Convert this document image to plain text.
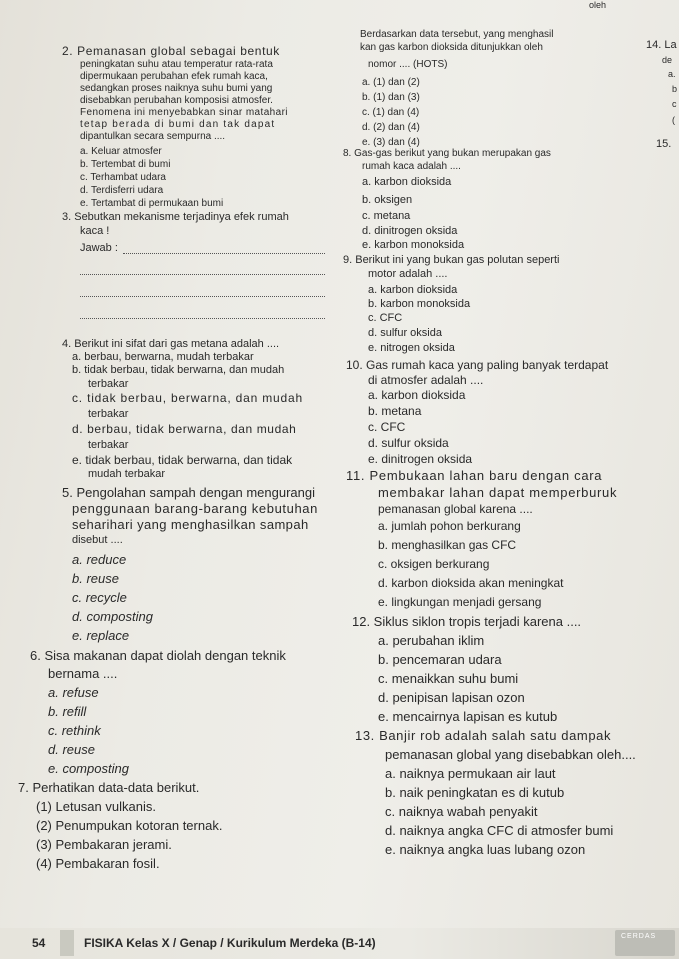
oleh
2. Pemanasan global sebagai bentuk
peningkatan suhu atau temperatur rata-rata
dipermukaan perubahan efek rumah kaca,
sedangkan proses naiknya suhu bumi yang
disebabkan perubahan komposisi atmosfer.
Fenomena ini menyebabkan sinar matahari
tetap berada di bumi dan tak dapat
dipantulkan secara sempurna ....
a. Keluar atmosfer
b. Tertembat di bumi
c. Terhambat udara
d. Terdisferri udara
e. Tertambat di permukaan bumi
3. Sebutkan mekanisme terjadinya efek rumah
kaca !
Jawab :
4. Berikut ini sifat dari gas metana adalah ....
a. berbau, berwarna, mudah terbakar
b. tidak berbau, tidak berwarna, dan mudah
terbakar
c. tidak berbau, berwarna, dan mudah
terbakar
d. berbau, tidak berwarna, dan mudah
terbakar
e. tidak berbau, tidak berwarna, dan tidak
mudah terbakar
5. Pengolahan sampah dengan mengurangi
penggunaan barang-barang kebutuhan
seharihari yang menghasilkan sampah
disebut ....
a. reduce
b. reuse
c. recycle
d. composting
e. replace
6. Sisa makanan dapat diolah dengan teknik
bernama ....
a. refuse
b. refill
c. rethink
d. reuse
e. composting
7. Perhatikan data-data berikut.
(1) Letusan vulkanis.
(2) Penumpukan kotoran ternak.
(3) Pembakaran jerami.
(4) Pembakaran fosil.
Berdasarkan data tersebut, yang menghasil
kan gas karbon dioksida ditunjukkan oleh
nomor .... (HOTS)
a. (1) dan (2)
b. (1) dan (3)
c. (1) dan (4)
d. (2) dan (4)
e. (3) dan (4)
8. Gas-gas berikut yang bukan merupakan gas
rumah kaca adalah ....
a. karbon dioksida
b. oksigen
c. metana
d. dinitrogen oksida
e. karbon monoksida
9. Berikut ini yang bukan gas polutan seperti
motor adalah ....
a. karbon dioksida
b. karbon monoksida
c. CFC
d. sulfur oksida
e. nitrogen oksida
10. Gas rumah kaca yang paling banyak terdapat
di atmosfer adalah ....
a. karbon dioksida
b. metana
c. CFC
d. sulfur oksida
e. dinitrogen oksida
11. Pembukaan lahan baru dengan cara
membakar lahan dapat memperburuk
pemanasan global karena ....
a. jumlah pohon berkurang
b. menghasilkan gas CFC
c. oksigen berkurang
d. karbon dioksida akan meningkat
e. lingkungan menjadi gersang
12. Siklus siklon tropis terjadi karena ....
a. perubahan iklim
b. pencemaran udara
c. menaikkan suhu bumi
d. penipisan lapisan ozon
e. mencairnya lapisan es kutub
13. Banjir rob adalah salah satu dampak
pemanasan global yang disebabkan oleh....
a. naiknya permukaan air laut
b. naik peningkatan es di kutub
c. naiknya wabah penyakit
d. naiknya angka CFC di atmosfer bumi
e. naiknya angka luas lubang ozon
14. La
de
a.
b
c
(
15.
54	FISIKA Kelas X / Genap / Kurikulum Merdeka (B-14)	CERDAS
